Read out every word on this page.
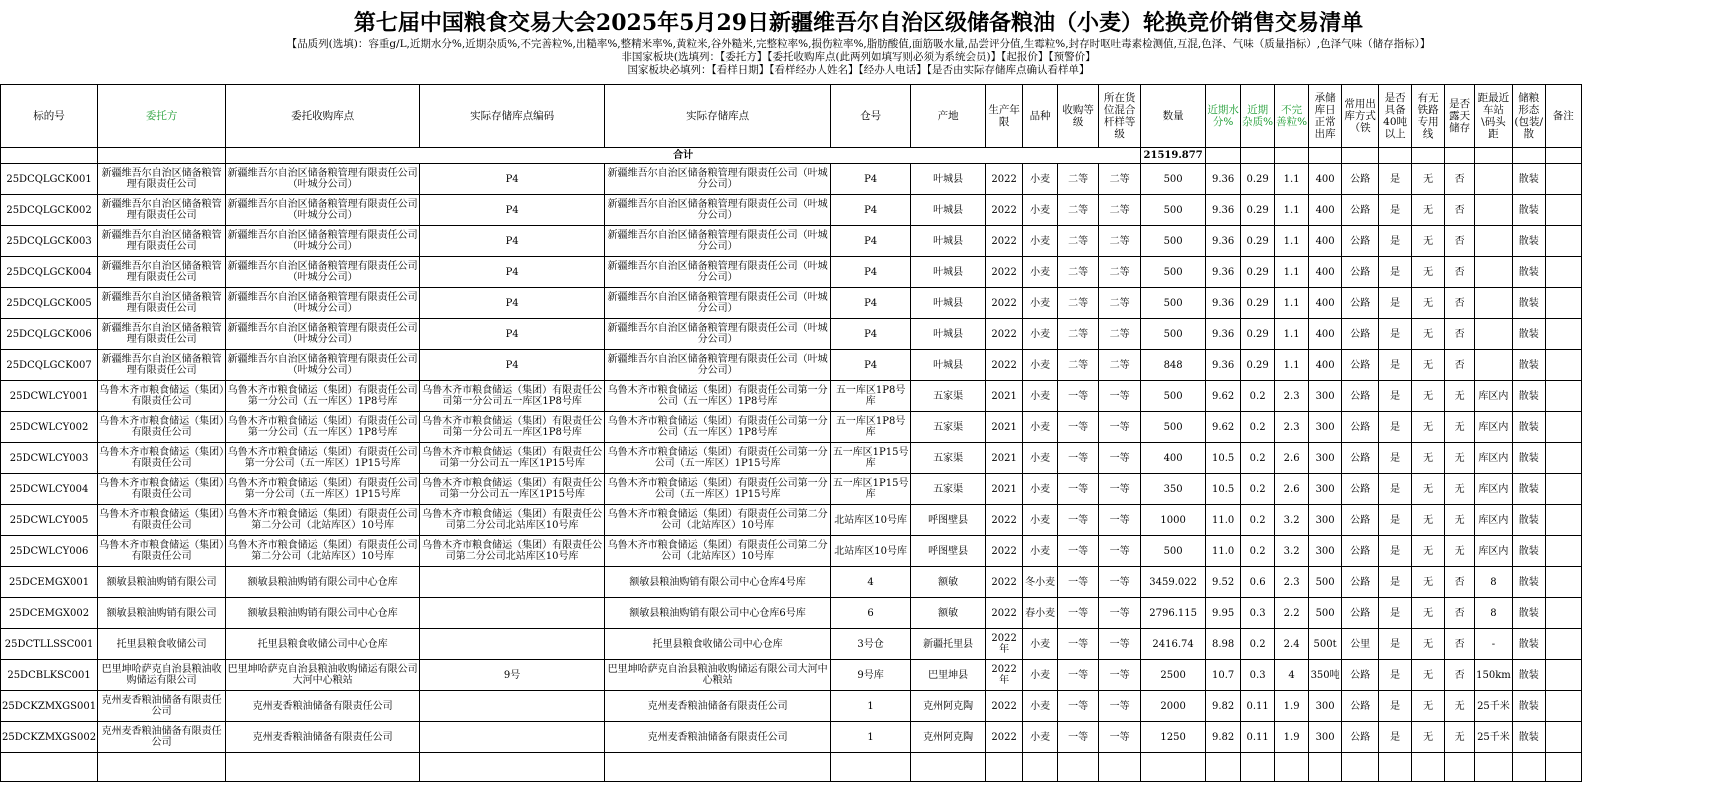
第七届中国粮食交易大会2025年5月29日新疆维吾尔自治区级储备粮油（小麦）轮换竞价销售交易清单
【品质列(选填)：容重g/L,近期水分%,近期杂质%,不完善粒%,出糙率%,整精米率%,黄粒米,谷外糙米,完整粒率%,损伤粒率%,脂肪酸值,面筋吸水量,品尝评分值,生霉粒%,封存时呕吐毒素检测值,互混,色泽、气味（质量指标）,色泽气味（储存指标）】
非国家板块(选填列：【委托方】【委托收购库点(此两列如填写则必须为系统会员)】【起报价】【预警价】
国家板块必填列：【看样日期】【看样经办人姓名】【经办人电话】【是否由实际存储库点确认看样单】
标的号	委托方	委托收购库点	实际存储库点编码	实际存储库点	仓号	产地	生产年限	品种	收购等级	所在货位混合杆样等级	数量	近期水分%	近期杂质%	不完善粒%	承储库日正常出库	常用出库方式（铁	是否具备40吨以上	有无铁路专用线	是否露天储存	距最近车站\码头距	储粮形态(包装/散	备注
		合计									21519.877											
25DCQLGCK001	新疆维吾尔自治区储备粮管理有限责任公司	新疆维吾尔自治区储备粮管理有限责任公司（叶城分公司）	P4	新疆维吾尔自治区储备粮管理有限责任公司（叶城分公司）	P4	叶城县	2022	小麦	二等	二等	500	9.36	0.29	1.1	400	公路	是	无	否		散装	
25DCQLGCK002	新疆维吾尔自治区储备粮管理有限责任公司	新疆维吾尔自治区储备粮管理有限责任公司（叶城分公司）	P4	新疆维吾尔自治区储备粮管理有限责任公司（叶城分公司）	P4	叶城县	2022	小麦	二等	二等	500	9.36	0.29	1.1	400	公路	是	无	否		散装	
25DCQLGCK003	新疆维吾尔自治区储备粮管理有限责任公司	新疆维吾尔自治区储备粮管理有限责任公司（叶城分公司）	P4	新疆维吾尔自治区储备粮管理有限责任公司（叶城分公司）	P4	叶城县	2022	小麦	二等	二等	500	9.36	0.29	1.1	400	公路	是	无	否		散装	
25DCQLGCK004	新疆维吾尔自治区储备粮管理有限责任公司	新疆维吾尔自治区储备粮管理有限责任公司（叶城分公司）	P4	新疆维吾尔自治区储备粮管理有限责任公司（叶城分公司）	P4	叶城县	2022	小麦	二等	二等	500	9.36	0.29	1.1	400	公路	是	无	否		散装	
25DCQLGCK005	新疆维吾尔自治区储备粮管理有限责任公司	新疆维吾尔自治区储备粮管理有限责任公司（叶城分公司）	P4	新疆维吾尔自治区储备粮管理有限责任公司（叶城分公司）	P4	叶城县	2022	小麦	二等	二等	500	9.36	0.29	1.1	400	公路	是	无	否		散装	
25DCQLGCK006	新疆维吾尔自治区储备粮管理有限责任公司	新疆维吾尔自治区储备粮管理有限责任公司（叶城分公司）	P4	新疆维吾尔自治区储备粮管理有限责任公司（叶城分公司）	P4	叶城县	2022	小麦	二等	二等	500	9.36	0.29	1.1	400	公路	是	无	否		散装	
25DCQLGCK007	新疆维吾尔自治区储备粮管理有限责任公司	新疆维吾尔自治区储备粮管理有限责任公司（叶城分公司）	P4	新疆维吾尔自治区储备粮管理有限责任公司（叶城分公司）	P4	叶城县	2022	小麦	二等	二等	848	9.36	0.29	1.1	400	公路	是	无	否		散装	
25DCWLCY001	乌鲁木齐市粮食储运（集团）有限责任公司	乌鲁木齐市粮食储运（集团）有限责任公司第一分公司（五一库区）1P8号库	乌鲁木齐市粮食储运（集团）有限责任公司第一分公司五一库区1P8号库	乌鲁木齐市粮食储运（集团）有限责任公司第一分公司（五一库区）1P8号库	五一库区1P8号库	五家渠	2021	小麦	一等	一等	500	9.62	0.2	2.3	300	公路	是	无	无	库区内	散装	
25DCWLCY002	乌鲁木齐市粮食储运（集团）有限责任公司	乌鲁木齐市粮食储运（集团）有限责任公司第一分公司（五一库区）1P8号库	乌鲁木齐市粮食储运（集团）有限责任公司第一分公司五一库区1P8号库	乌鲁木齐市粮食储运（集团）有限责任公司第一分公司（五一库区）1P8号库	五一库区1P8号库	五家渠	2021	小麦	一等	一等	500	9.62	0.2	2.3	300	公路	是	无	无	库区内	散装	
25DCWLCY003	乌鲁木齐市粮食储运（集团）有限责任公司	乌鲁木齐市粮食储运（集团）有限责任公司第一分公司（五一库区）1P15号库	乌鲁木齐市粮食储运（集团）有限责任公司第一分公司五一库区1P15号库	乌鲁木齐市粮食储运（集团）有限责任公司第一分公司（五一库区）1P15号库	五一库区1P15号库	五家渠	2021	小麦	一等	一等	400	10.5	0.2	2.6	300	公路	是	无	无	库区内	散装	
25DCWLCY004	乌鲁木齐市粮食储运（集团）有限责任公司	乌鲁木齐市粮食储运（集团）有限责任公司第一分公司（五一库区）1P15号库	乌鲁木齐市粮食储运（集团）有限责任公司第一分公司五一库区1P15号库	乌鲁木齐市粮食储运（集团）有限责任公司第一分公司（五一库区）1P15号库	五一库区1P15号库	五家渠	2021	小麦	一等	一等	350	10.5	0.2	2.6	300	公路	是	无	无	库区内	散装	
25DCWLCY005	乌鲁木齐市粮食储运（集团）有限责任公司	乌鲁木齐市粮食储运（集团）有限责任公司第二分公司（北站库区）10号库	乌鲁木齐市粮食储运（集团）有限责任公司第二分公司北站库区10号库	乌鲁木齐市粮食储运（集团）有限责任公司第二分公司（北站库区）10号库	北站库区10号库	呼图壁县	2022	小麦	一等	一等	1000	11.0	0.2	3.2	300	公路	是	无	无	库区内	散装	
25DCWLCY006	乌鲁木齐市粮食储运（集团）有限责任公司	乌鲁木齐市粮食储运（集团）有限责任公司第二分公司（北站库区）10号库	乌鲁木齐市粮食储运（集团）有限责任公司第二分公司北站库区10号库	乌鲁木齐市粮食储运（集团）有限责任公司第二分公司（北站库区）10号库	北站库区10号库	呼图壁县	2022	小麦	一等	一等	500	11.0	0.2	3.2	300	公路	是	无	无	库区内	散装	
25DCEMGX001	额敏县粮油购销有限公司	额敏县粮油购销有限公司中心仓库		额敏县粮油购销有限公司中心仓库4号库	4	额敏	2022	冬小麦	一等	一等	3459.022	9.52	0.6	2.3	500	公路	是	无	否	8	散装	
25DCEMGX002	额敏县粮油购销有限公司	额敏县粮油购销有限公司中心仓库		额敏县粮油购销有限公司中心仓库6号库	6	额敏	2022	春小麦	一等	一等	2796.115	9.95	0.3	2.2	500	公路	是	无	否	8	散装	
25DCTLLSSC001	托里县粮食收储公司	托里县粮食收储公司中心仓库		托里县粮食收储公司中心仓库	3号仓	新疆托里县	2022年	小麦	一等	一等	2416.74	8.98	0.2	2.4	500t	公里	是	无	否	-	散装	
25DCBLKSC001	巴里坤哈萨克自治县粮油收购储运有限公司	巴里坤哈萨克自治县粮油收购储运有限公司大河中心粮站	9号	巴里坤哈萨克自治县粮油收购储运有限公司大河中心粮站	9号库	巴里坤县	2022年	小麦	一等	一等	2500	10.7	0.3	4	350吨	公路	是	无	否	150km	散装	
25DCKZMXGS001	克州麦香粮油储备有限责任公司	克州麦香粮油储备有限责任公司		克州麦香粮油储备有限责任公司	1	克州阿克陶	2022	小麦	一等	一等	2000	9.82	0.11	1.9	300	公路	是	无	无	25千米	散装	
25DCKZMXGS002	克州麦香粮油储备有限责任公司	克州麦香粮油储备有限责任公司		克州麦香粮油储备有限责任公司	1	克州阿克陶	2022	小麦	一等	一等	1250	9.82	0.11	1.9	300	公路	是	无	无	25千米	散装	
